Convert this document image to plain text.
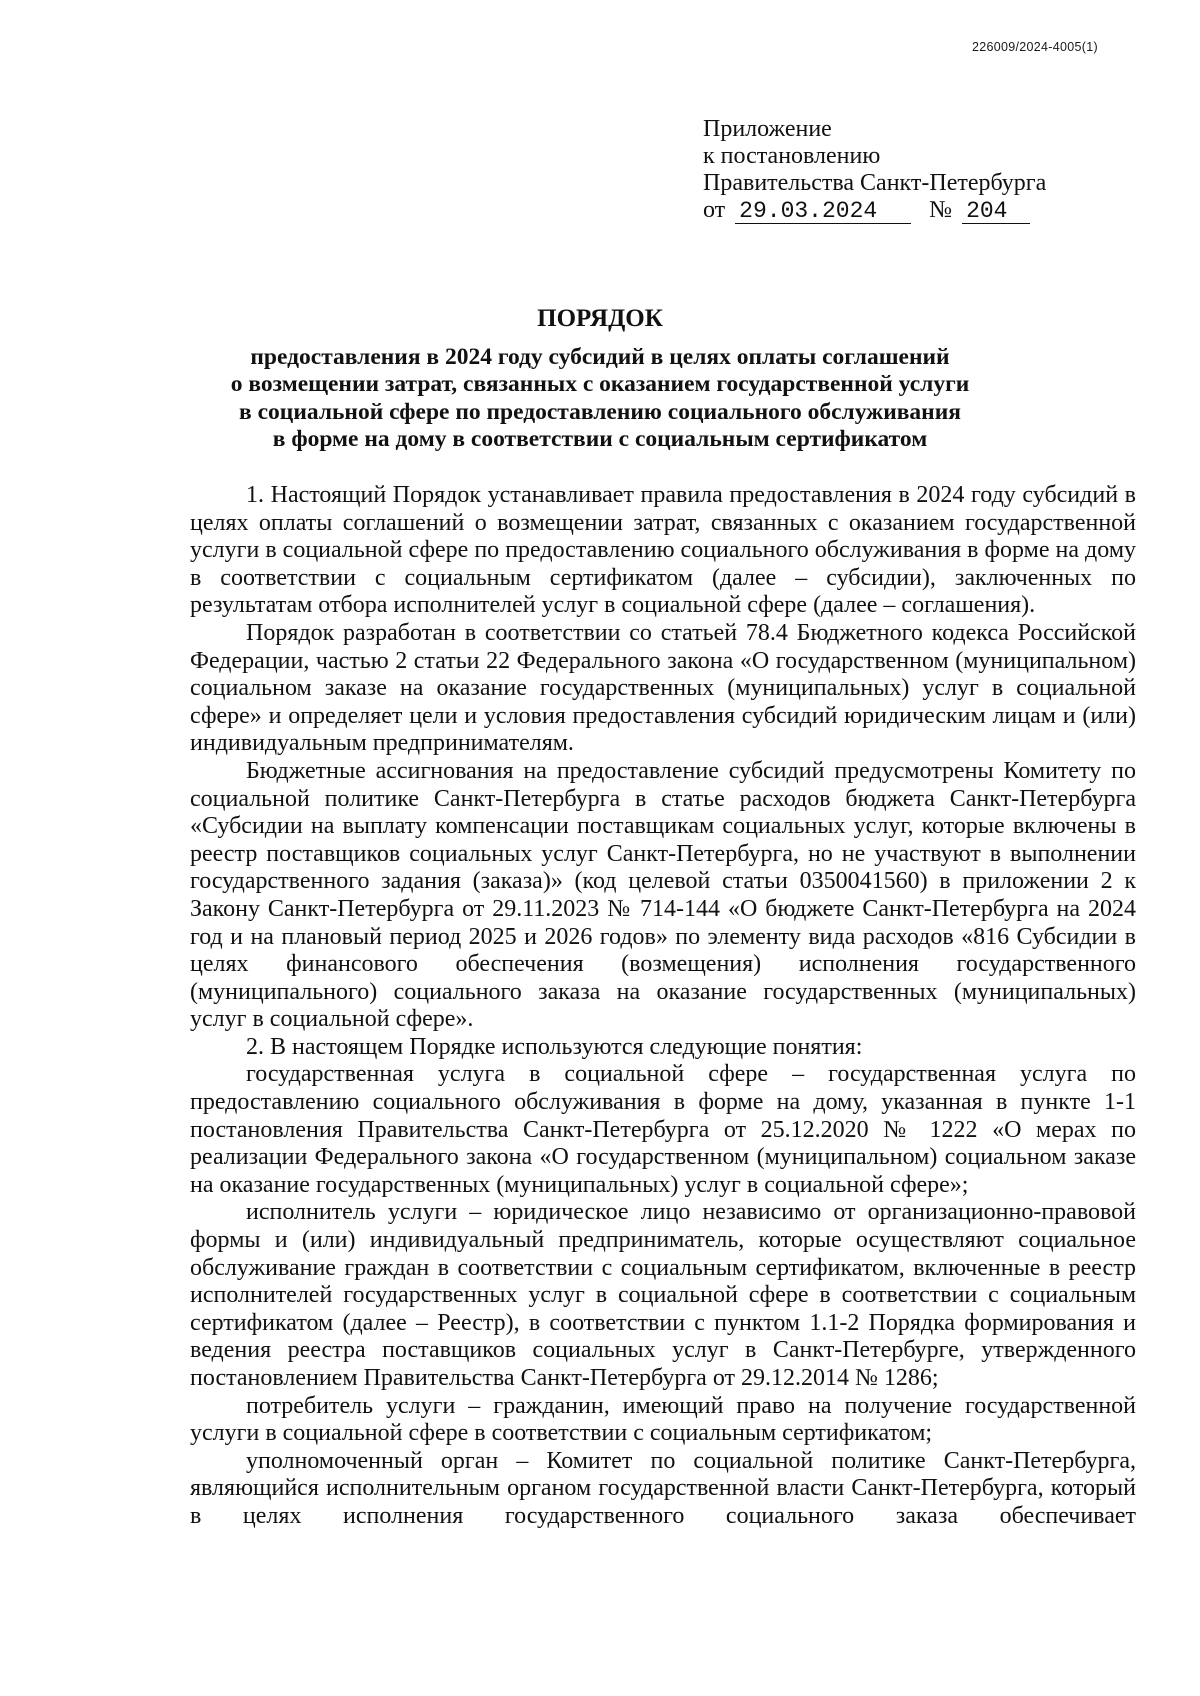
226009/2024-4005(1)
Приложение
к постановлению
Правительства Санкт-Петербурга
от 29.03.2024 № 204
ПОРЯДОК
предоставления в 2024 году субсидий в целях оплаты соглашений
о возмещении затрат, связанных с оказанием государственной услуги
в социальной сфере по предоставлению социального обслуживания
в форме на дому в соответствии с социальным сертификатом

1. Настоящий Порядок устанавливает правила предоставления в 2024 году субсидий в целях оплаты соглашений о возмещении затрат, связанных с оказанием государственной услуги в социальной сфере по предоставлению социального обслуживания в форме на дому в соответствии с социальным сертификатом (далее – субсидии), заключенных по результатам отбора исполнителей услуг в социальной сфере (далее – соглашения).

Порядок разработан в соответствии со статьей 78.4 Бюджетного кодекса Российской Федерации, частью 2 статьи 22 Федерального закона «О государственном (муниципальном) социальном заказе на оказание государственных (муниципальных) услуг в социальной сфере» и определяет цели и условия предоставления субсидий юридическим лицам и (или) индивидуальным предпринимателям.

Бюджетные ассигнования на предоставление субсидий предусмотрены Комитету по социальной политике Санкт-Петербурга в статье расходов бюджета Санкт-Петербурга «Субсидии на выплату компенсации поставщикам социальных услуг, которые включены в реестр поставщиков социальных услуг Санкт-Петербурга, но не участвуют в выполнении государственного задания (заказа)» (код целевой статьи 0350041560) в приложении 2 к Закону Санкт-Петербурга от 29.11.2023 № 714-144 «О бюджете Санкт-Петербурга на 2024 год и на плановый период 2025 и 2026 годов» по элементу вида расходов «816 Субсидии в целях финансового обеспечения (возмещения) исполнения государственного (муниципального) социального заказа на оказание государственных (муниципальных) услуг в социальной сфере».

2. В настоящем Порядке используются следующие понятия:

государственная услуга в социальной сфере – государственная услуга по предоставлению социального обслуживания в форме на дому, указанная в пункте 1-1 постановления Правительства Санкт-Петербурга от 25.12.2020 № 1222 «О мерах по реализации Федерального закона «О государственном (муниципальном) социальном заказе на оказание государственных (муниципальных) услуг в социальной сфере»;

исполнитель услуги – юридическое лицо независимо от организационно-правовой формы и (или) индивидуальный предприниматель, которые осуществляют социальное обслуживание граждан в соответствии с социальным сертификатом, включенные в реестр исполнителей государственных услуг в социальной сфере в соответствии с социальным сертификатом (далее – Реестр), в соответствии с пунктом 1.1-2 Порядка формирования и ведения реестра поставщиков социальных услуг в Санкт-Петербурге, утвержденного постановлением Правительства Санкт-Петербурга от 29.12.2014 № 1286;

потребитель услуги – гражданин, имеющий право на получение государственной услуги в социальной сфере в соответствии с социальным сертификатом;

уполномоченный орган – Комитет по социальной политике Санкт-Петербурга, являющийся исполнительным органом государственной власти Санкт-Петербурга, который в целях исполнения государственного социального заказа обеспечивает
